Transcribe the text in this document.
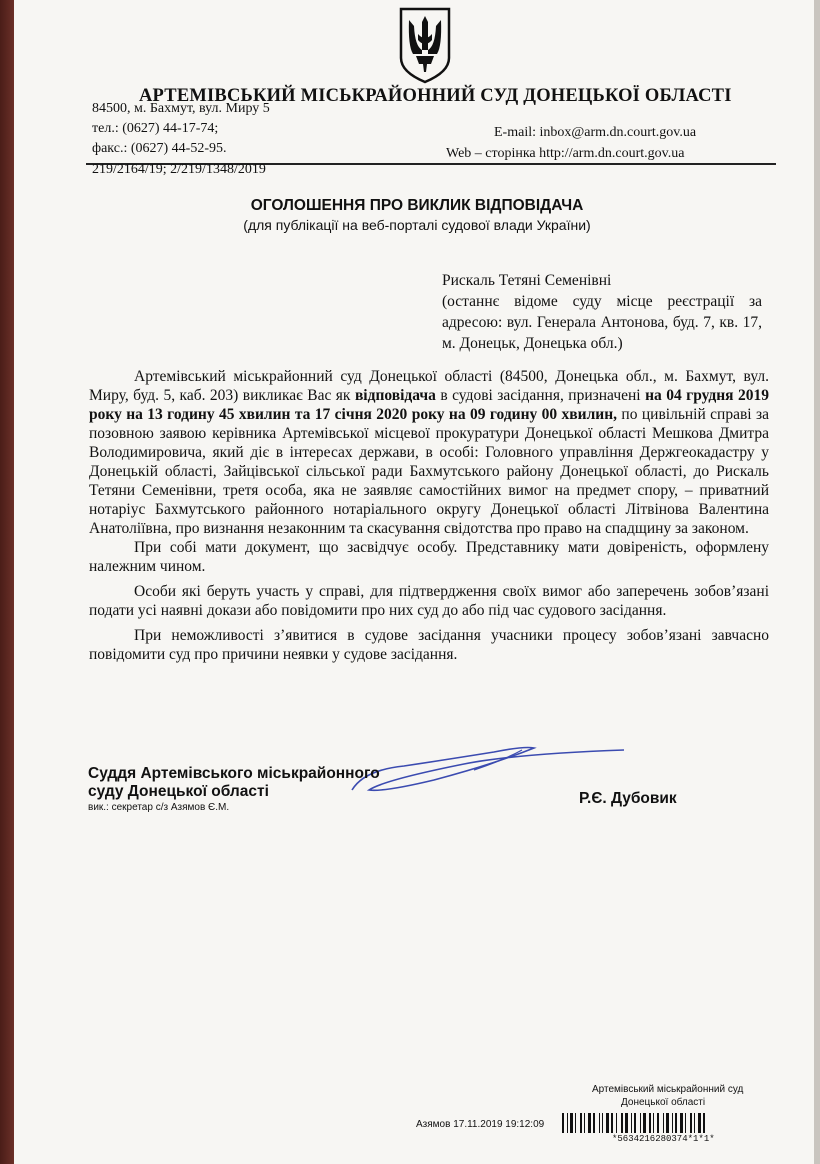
АРТЕМІВСЬКИЙ МІСЬКРАЙОННИЙ СУД ДОНЕЦЬКОЇ ОБЛАСТІ
84500, м. Бахмут, вул. Миру 5
тел.: (0627) 44-17-74;
факс.: (0627) 44-52-95.
E-mail: inbox@arm.dn.court.gov.ua
Web – сторінка http://arm.dn.court.gov.ua
219/2164/19; 2/219/1348/2019
ОГОЛОШЕННЯ ПРО ВИКЛИК ВІДПОВІДАЧА
(для публікації на веб-порталі судової влади України)
Рискаль Тетяні Семенівні
(останнє відоме суду місце реєстрації за адресою: вул. Генерала Антонова, буд. 7, кв. 17, м. Донецьк, Донецька обл.)

Артемівський міськрайонний суд Донецької області (84500, Донецька обл., м. Бахмут, вул. Миру, буд. 5, каб. 203) викликає Вас як відповідача в судові засідання, призначені на 04 грудня 2019 року на 13 годину 45 хвилин та 17 січня 2020 року на 09 годину 00 хвилин, по цивільній справі за позовною заявою керівника Артемівської місцевої прокуратури Донецької області Мешкова Дмитра Володимировича, який діє в інтересах держави, в особі: Головного управління Держгеокадастру у Донецькій області, Зайцівської сільської ради Бахмутського району Донецької області, до Рискаль Тетяни Семенівни, третя особа, яка не заявляє самостійних вимог на предмет спору, – приватний нотаріус Бахмутського районного нотаріального округу Донецької області Літвінова Валентина Анатоліївна, про визнання незаконним та скасування свідотства про право на спадщину за законом.

При собі мати документ, що засвідчує особу. Представнику мати довіреність, оформлену належним чином.

Особи які беруть участь у справі, для підтвердження своїх вимог або заперечень зобов’язані подати усі наявні докази або повідомити про них суд до або під час судового засідання.

При неможливості з’явитися в судове засідання учасники процесу зобов’язані завчасно повідомити суд про причини неявки у судове засідання.

Суддя Артемівського міськрайонного
суду Донецької області
вик.: секретар с/з Азямов Є.М.
Р.Є. Дубовик
Артемівський міськрайонний суд
Донецької області
Азямов 17.11.2019 19:12:09
*5634216280374*1*1*
